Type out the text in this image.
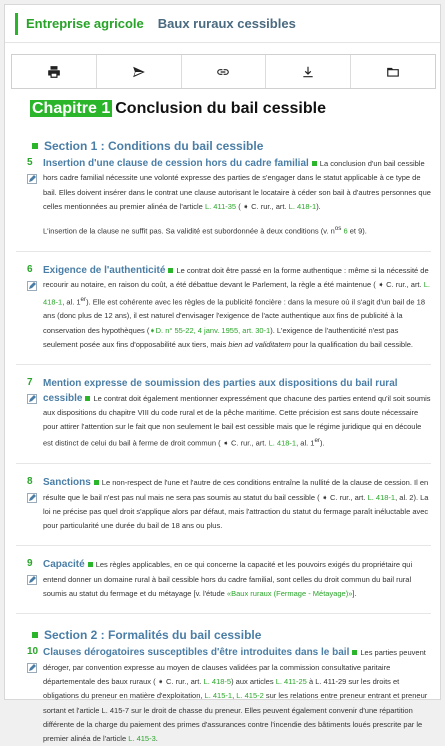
Entreprise agricole Baux ruraux cessibles
Chapitre 1 Conclusion du bail cessible
Section 1 : Conditions du bail cessible
5 Insertion d'une clause de cession hors du cadre familial La conclusion d'un bail cessible hors cadre familial nécessite une volonté expresse des parties de s'engager dans le statut applicable à ce type de bail. Elles doivent insérer dans le contrat une clause autorisant le locataire à céder son bail à d'autres personnes que celles mentionnées au premier alinéa de l'article L. 411-35 ( ➧ C. rur., art. L. 418-1).

L'insertion de la clause ne suffit pas. Sa validité est subordonnée à deux conditions (v. $n^{os}$ 6 et 9).

6 Exigence de l'authenticité Le contrat doit être passé en la forme authentique : même si la nécessité de recourir au notaire, en raison du coût, a été débattue devant le Parlement, la règle a été maintenue ( ➧ C. rur., art. L. 418-1, al. 1er). Elle est cohérente avec les règles de la publicité foncière : dans la mesure où il s'agit d'un bail de 18 ans (donc plus de 12 ans), il est naturel d'envisager l'exigence de l'acte authentique aux fins de publicité à la conservation des hypothèques (➧D. n° 55-22, 4 janv. 1955, art. 30-1). L'exigence de l'authenticité n'est pas seulement posée aux fins d'opposabilité aux tiers, mais bien ad validitatem pour la qualification du bail cessible.

7 Mention expresse de soumission des parties aux dispositions du bail rural cessible Le contrat doit également mentionner expressément que chacune des parties entend qu'il soit soumis aux dispositions du chapitre VIII du code rural et de la pêche maritime. Cette précision est sans doute nécessaire pour attirer l'attention sur le fait que non seulement le bail est cessible mais que le régime juridique qui en découle est distinct de celui du bail à ferme de droit commun ( ➧ C. rur., art. L. 418-1, al. 1er).

8 Sanctions Le non-respect de l'une et l'autre de ces conditions entraîne la nullité de la clause de cession. Il en résulte que le bail n'est pas nul mais ne sera pas soumis au statut du bail cessible ( ➧ C. rur., art. L. 418-1, al. 2). La loi ne précise pas quel droit s'applique alors par défaut, mais l'attraction du statut du fermage paraît inéluctable avec pour particularité une durée du bail de 18 ans ou plus.

9 Capacité Les règles applicables, en ce qui concerne la capacité et les pouvoirs exigés du propriétaire qui entend donner un domaine rural à bail cessible hors du cadre familial, sont celles du droit commun du bail rural soumis au statut du fermage et du métayage [v. l'étude «Baux ruraux (Fermage - Métayage)»].

Section 2 : Formalités du bail cessible
10 Clauses dérogatoires susceptibles d'être introduites dans le bail Les parties peuvent déroger, par convention expresse au moyen de clauses validées par la commission consultative paritaire départementale des baux ruraux ( ➧ C. rur., art. L. 418-5) aux articles L. 411-25 à L. 411-29 sur les droits et obligations du preneur en matière d'exploitation, L. 415-1, L. 415-2 sur les relations entre preneur entrant et preneur sortant et l'article L. 415-7 sur le droit de chasse du preneur. Elles peuvent également convenir d'une répartition différente de la charge du paiement des primes d'assurances contre l'incendie des bâtiments loués prescrite par le premier alinéa de l'article L. 415-3.
